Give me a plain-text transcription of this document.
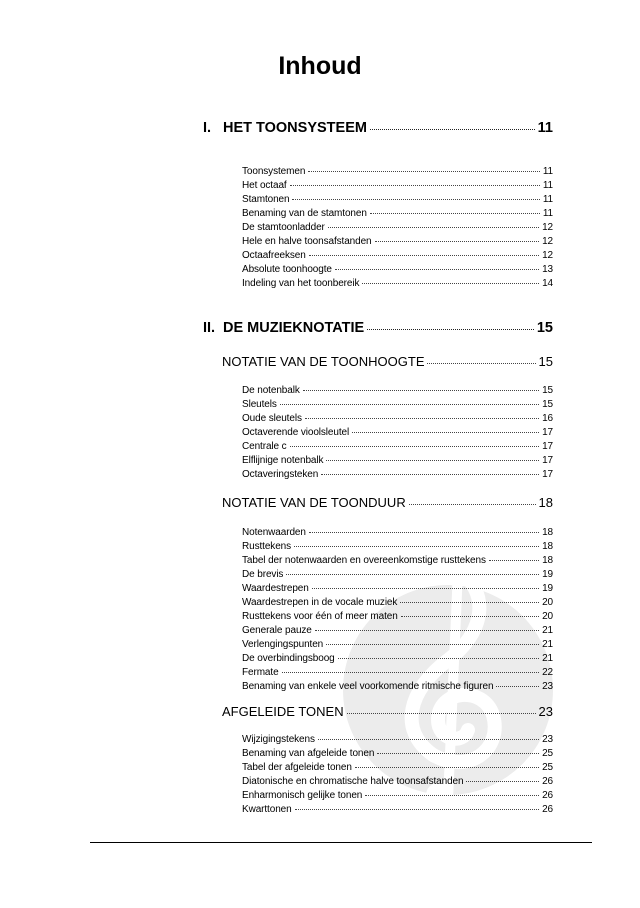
Inhoud
I. HET TOONSYSTEEM	11
Toonsystemen	11
Het octaaf	11
Stamtonen	11
Benaming van de stamtonen	11
De stamtoonladder	12
Hele en halve toonsafstanden	12
Octaafreeksen	12
Absolute toonhoogte	13
Indeling van het toonbereik	14
II. DE MUZIEKNOTATIE	15
NOTATIE VAN DE TOONHOOGTE	15
De notenbalk	15
Sleutels	15
Oude sleutels	16
Octaverende vioolsleutel	17
Centrale c	17
Elflijnige notenbalk	17
Octaveringsteken	17
NOTATIE VAN DE TOONDUUR	18
Notenwaarden	18
Rusttekens	18
Tabel der notenwaarden en overeenkomstige rusttekens	18
De brevis	19
Waardestrepen	19
Waardestrepen in de vocale muziek	20
Rusttekens voor één of meer maten	20
Generale pauze	21
Verlengingspunten	21
De overbindingsboog	21
Fermate	22
Benaming van enkele veel voorkomende ritmische figuren	23
AFGELEIDE TONEN	23
Wijzigingstekens	23
Benaming van afgeleide tonen	25
Tabel der afgeleide tonen	25
Diatonische en chromatische halve toonsafstanden	26
Enharmonisch gelijke tonen	26
Kwarttonen	26
